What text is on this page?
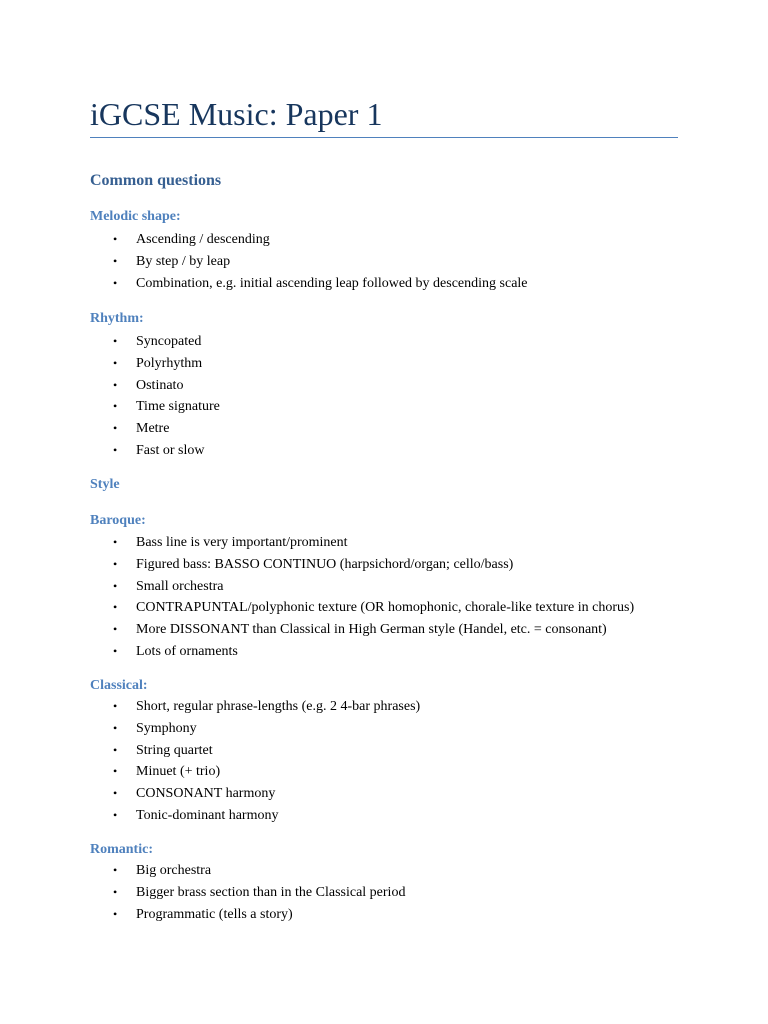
iGCSE Music: Paper 1
Common questions
Melodic shape:
• Ascending / descending
• By step / by leap
• Combination, e.g. initial ascending leap followed by descending scale
Rhythm:
• Syncopated
• Polyrhythm
• Ostinato
• Time signature
• Metre
• Fast or slow
Style
Baroque:
• Bass line is very important/prominent
• Figured bass: BASSO CONTINUO (harpsichord/organ; cello/bass)
• Small orchestra
• CONTRAPUNTAL/polyphonic texture (OR homophonic, chorale-like texture in chorus)
• More DISSONANT than Classical in High German style (Handel, etc. = consonant)
• Lots of ornaments
Classical:
• Short, regular phrase-lengths (e.g. 2 4-bar phrases)
• Symphony
• String quartet
• Minuet (+ trio)
• CONSONANT harmony
• Tonic-dominant harmony
Romantic:
• Big orchestra
• Bigger brass section than in the Classical period
• Programmatic (tells a story)
